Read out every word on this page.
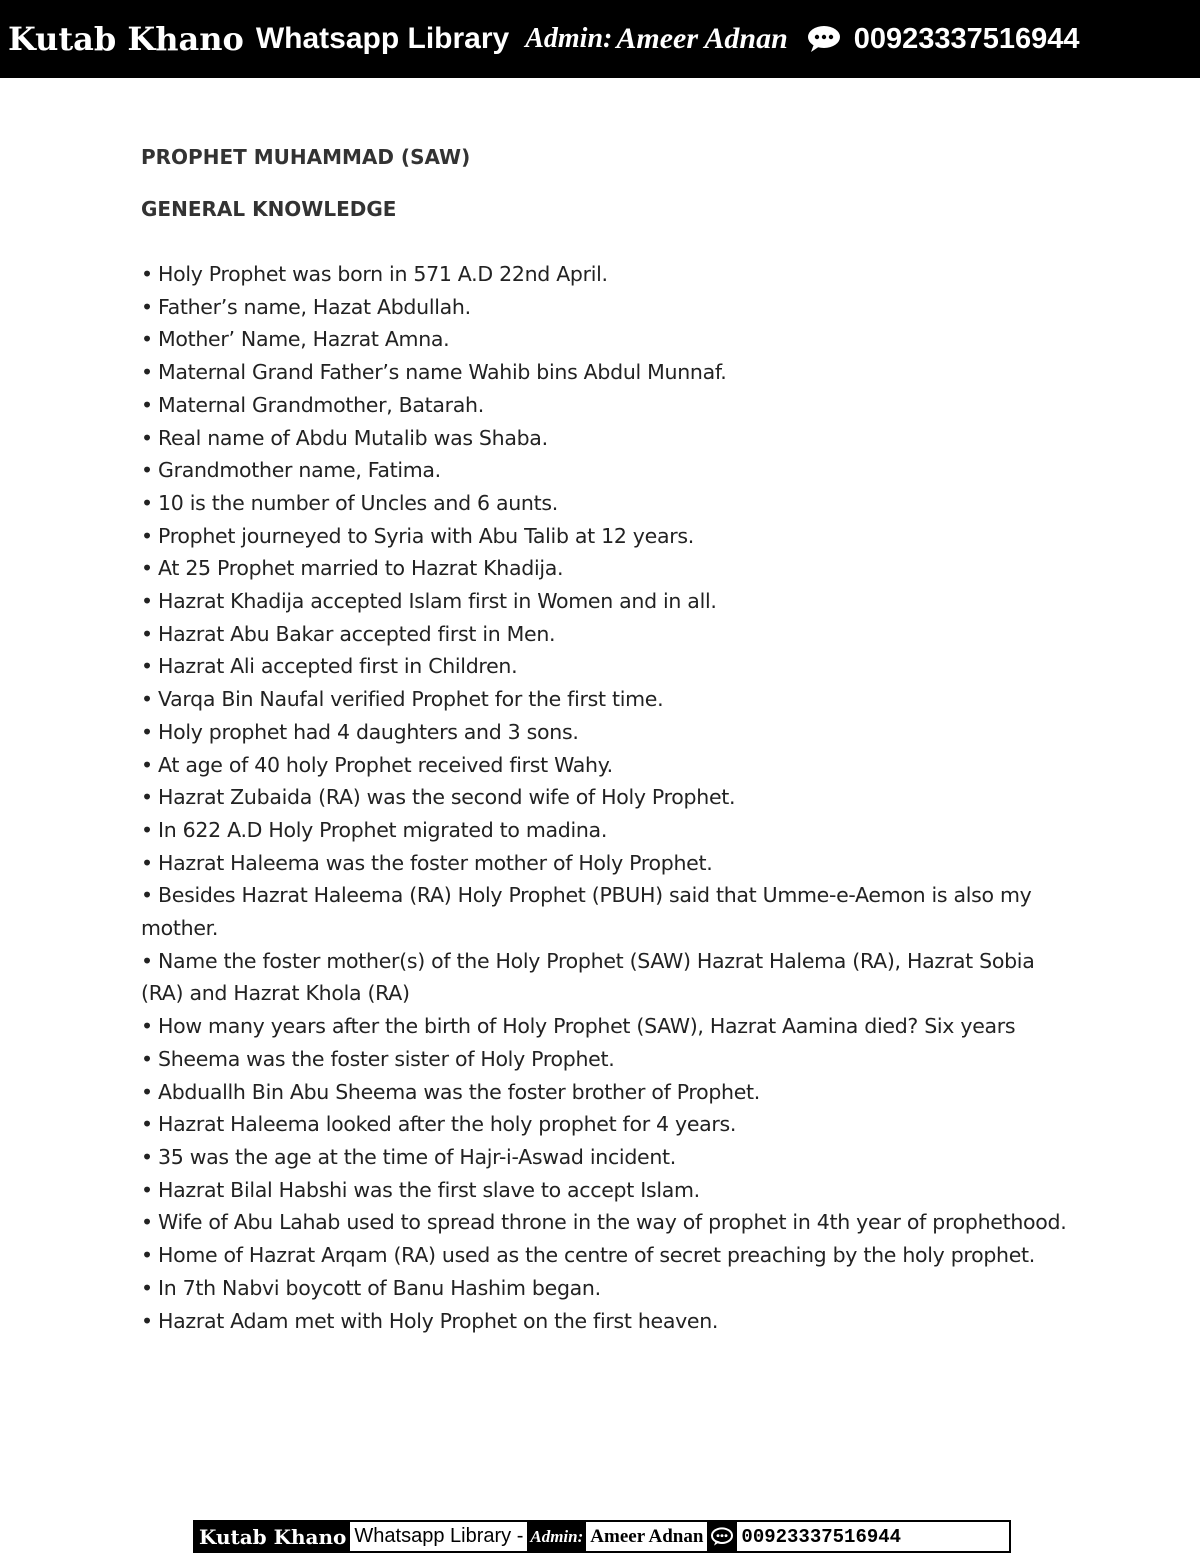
Kutab Khano Whatsapp Library Admin: Ameer Adnan 00923337516944
PROPHET MUHAMMAD (SAW)
GENERAL KNOWLEDGE
• Holy Prophet was born in 571 A.D 22nd April.
• Father’s name, Hazat Abdullah.
• Mother’ Name, Hazrat Amna.
• Maternal Grand Father’s name Wahib bins Abdul Munnaf.
• Maternal Grandmother, Batarah.
• Real name of Abdu Mutalib was Shaba.
• Grandmother name, Fatima.
• 10 is the number of Uncles and 6 aunts.
• Prophet journeyed to Syria with Abu Talib at 12 years.
• At 25 Prophet married to Hazrat Khadija.
• Hazrat Khadija accepted Islam first in Women and in all.
• Hazrat Abu Bakar accepted first in Men.
• Hazrat Ali accepted first in Children.
• Varqa Bin Naufal verified Prophet for the first time.
• Holy prophet had 4 daughters and 3 sons.
• At age of 40 holy Prophet received first Wahy.
• Hazrat Zubaida (RA) was the second wife of Holy Prophet.
• In 622 A.D Holy Prophet migrated to madina.
• Hazrat Haleema was the foster mother of Holy Prophet.
• Besides Hazrat Haleema (RA) Holy Prophet (PBUH) said that Umme-e-Aemon is also my mother.
• Name the foster mother(s) of the Holy Prophet (SAW) Hazrat Halema (RA), Hazrat Sobia (RA) and Hazrat Khola (RA)
• How many years after the birth of Holy Prophet (SAW), Hazrat Aamina died? Six years
• Sheema was the foster sister of Holy Prophet.
• Abduallh Bin Abu Sheema was the foster brother of Prophet.
• Hazrat Haleema looked after the holy prophet for 4 years.
• 35 was the age at the time of Hajr-i-Aswad incident.
• Hazrat Bilal Habshi was the first slave to accept Islam.
• Wife of Abu Lahab used to spread throne in the way of prophet in 4th year of prophethood.
• Home of Hazrat Arqam (RA) used as the centre of secret preaching by the holy prophet.
• In 7th Nabvi boycott of Banu Hashim began.
• Hazrat Adam met with Holy Prophet on the first heaven.
Kutab Khano Whatsapp Library - Admin: Ameer Adnan 00923337516944
